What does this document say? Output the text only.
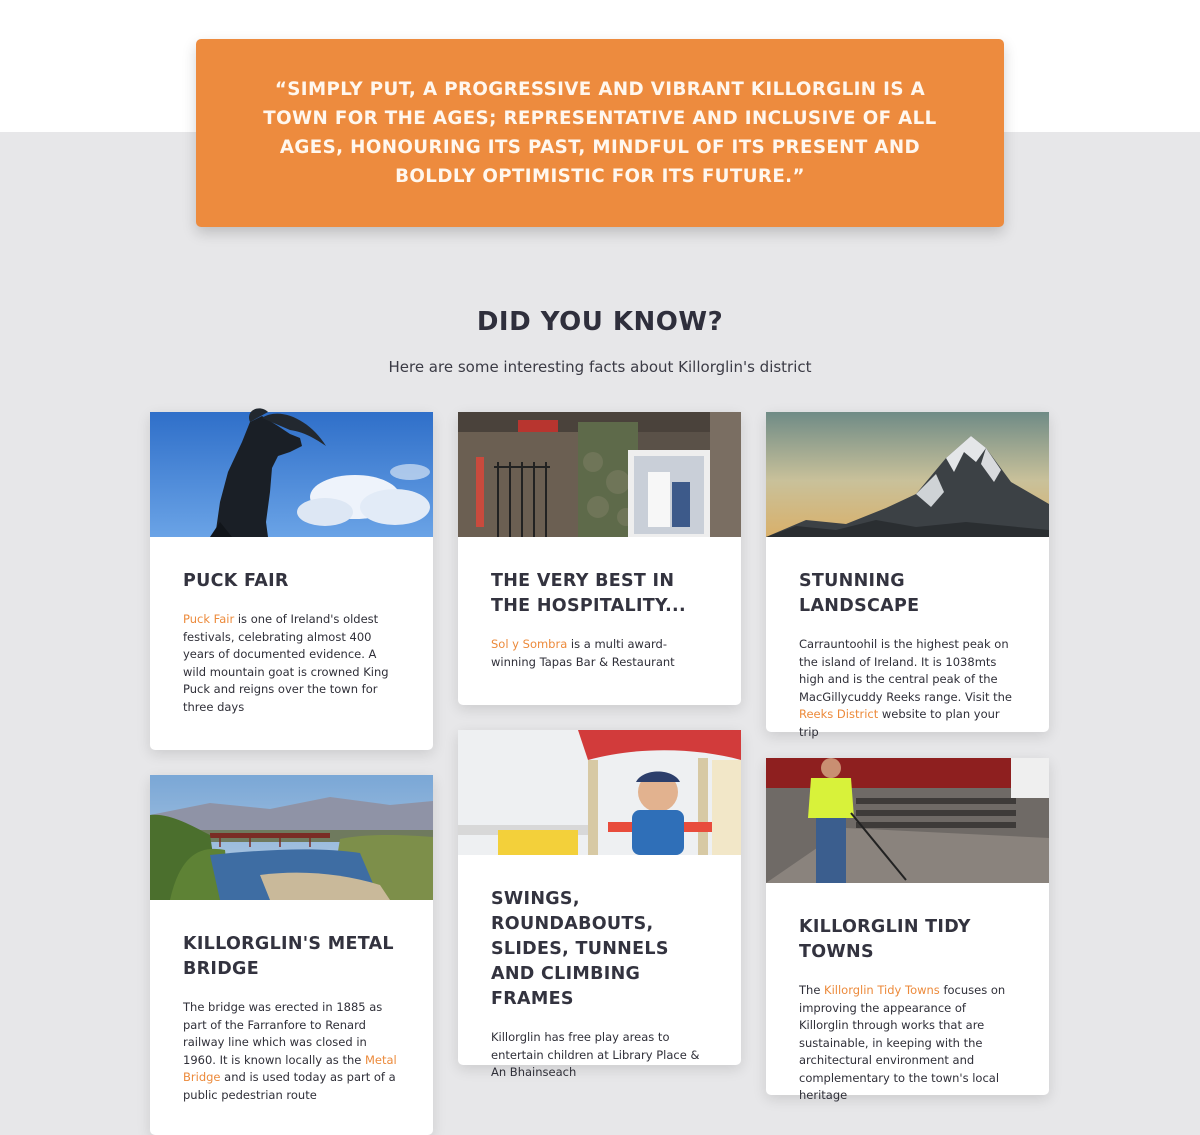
“SIMPLY PUT, A PROGRESSIVE AND VIBRANT KILLORGLIN IS A TOWN FOR THE AGES; REPRESENTATIVE AND INCLUSIVE OF ALL AGES, HONOURING ITS PAST, MINDFUL OF ITS PRESENT AND BOLDLY OPTIMISTIC FOR ITS FUTURE.”

DID YOU KNOW?

Here are some interesting facts about Killorglin's district

PUCK FAIR

Puck Fair is one of Ireland's oldest festivals, celebrating almost 400 years of documented evidence. A wild mountain goat is crowned King Puck and reigns over the town for three days

THE VERY BEST IN THE HOSPITALITY...

Sol y Sombra is a multi award-winning Tapas Bar & Restaurant

STUNNING LANDSCAPE

Carrauntoohil is the highest peak on the island of Ireland. It is 1038mts high and is the central peak of the MacGillycuddy Reeks range. Visit the Reeks District website to plan your trip

KILLORGLIN'S METAL BRIDGE

The bridge was erected in 1885 as part of the Farranfore to Renard railway line which was closed in 1960. It is known locally as the Metal Bridge and is used today as part of a public pedestrian route

SWINGS, ROUNDABOUTS, SLIDES, TUNNELS AND CLIMBING FRAMES

Killorglin has free play areas to entertain children at Library Place & An Bhainseach

KILLORGLIN TIDY TOWNS

The Killorglin Tidy Towns focuses on improving the appearance of Killorglin through works that are sustainable, in keeping with the architectural environment and complementary to the town's local heritage
